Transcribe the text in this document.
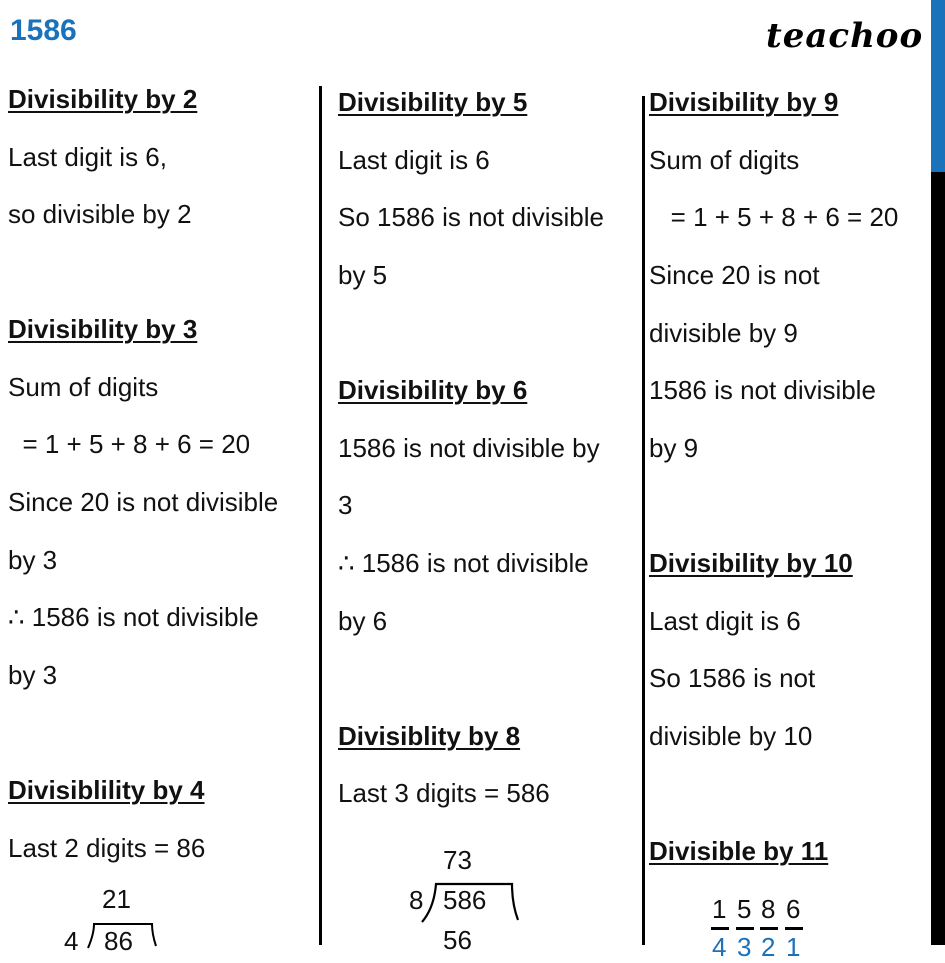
1586	teachoo
Divisibility by 2
Last digit is 6,
so divisible by 2
Divisibility by 3
Sum of digits
= 1 + 5 + 8 + 6 = 20
Since 20 is not divisible
by 3
∴ 1586 is not divisible
by 3
Divisiblility by 4
Last 2 digits = 86
21
4 86
Divisibility by 5
Last digit is 6
So 1586 is not divisible
by 5
Divisibility by 6
1586 is not divisible by
3
∴ 1586 is not divisible
by 6
Divisiblity by 8
Last 3 digits = 586
73
8 586
56
Divisibility by 9
Sum of digits
= 1 + 5 + 8 + 6 = 20
Since 20 is not
divisible by 9
1586 is not divisible
by 9
Divisibility by 10
Last digit is 6
So 1586 is not
divisible by 10
Divisible by 11
1 5 8 6
4 3 2 1
